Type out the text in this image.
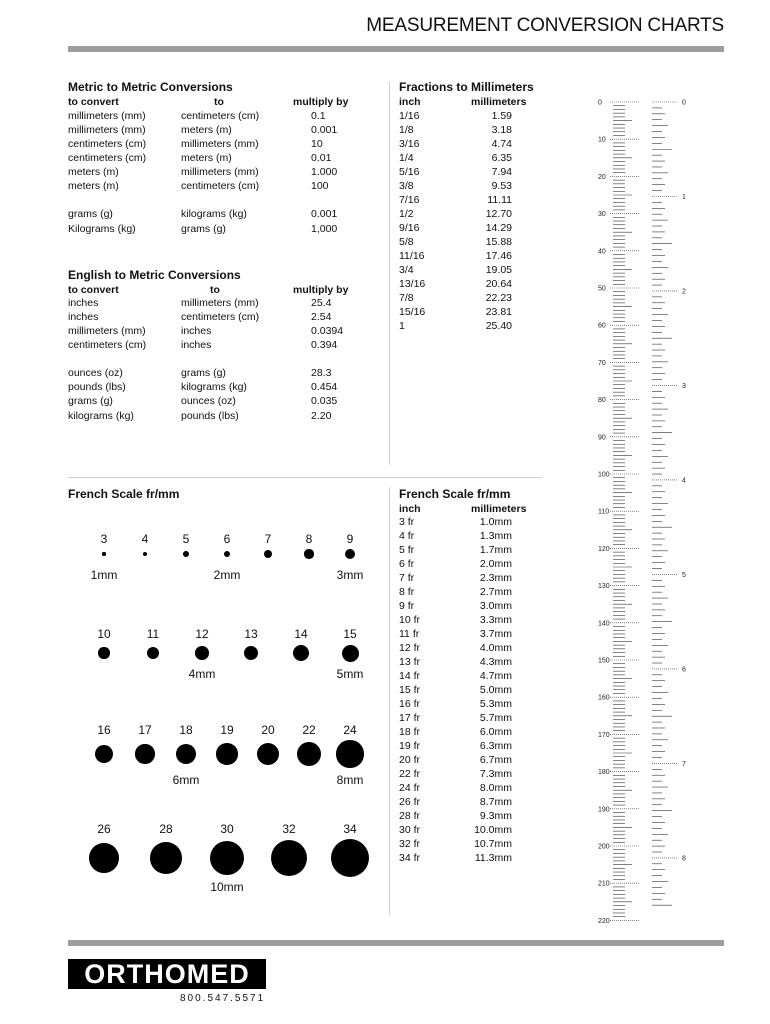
MEASUREMENT CONVERSION CHARTS
Metric to Metric Conversions
to convert	to	multiply by
millimeters (mm)	centimeters (cm)	0.1
millimeters (mm)	meters (m)	0.001
centimeters (cm)	millimeters (mm)	10
centimeters (cm)	meters (m)	0.01
meters (m)	millimeters (mm)	1.000
meters (m)	centimeters (cm)	100
grams (g)	kilograms (kg)	0.001
Kilograms (kg)	grams (g)	1,000
English to Metric Conversions
to convert	to	multiply by
inches	millimeters (mm)	25.4
inches	centimeters (cm)	2.54
millimeters (mm)	inches	0.0394
centimeters (cm)	inches	0.394
ounces (oz)	grams (g)	28.3
pounds (lbs)	kilograms (kg)	0.454
grams (g)	ounces (oz)	0.035
kilograms (kg)	pounds (lbs)	2.20
Fractions to Millimeters
inch	millimeters
1/16	1.59
1/8	3.18
3/16	4.74
1/4	6.35
5/16	7.94
3/8	9.53
7/16	11.11
1/2	12.70
9/16	14.29
5/8	15.88
11/16	17.46
3/4	19.05
13/16	20.64
7/8	22.23
15/16	23.81
1	25.40
French Scale fr/mm
inch	millimeters
3 fr	1.0mm
4 fr	1.3mm
5 fr	1.7mm
6 fr	2.0mm
7 fr	2.3mm
8 fr	2.7mm
9 fr	3.0mm
10 fr	3.3mm
11 fr	3.7mm
12 fr	4.0mm
13 fr	4.3mm
14 fr	4.7mm
15 fr	5.0mm
16 fr	5.3mm
17 fr	5.7mm
18 fr	6.0mm
19 fr	6.3mm
20 fr	6.7mm
22 fr	7.3mm
24 fr	8.0mm
26 fr	8.7mm
28 fr	9.3mm
30 fr	10.0mm
32 fr	10.7mm
34 fr	11.3mm
French Scale fr/mm
3	4	5	6	7	8	9
1mm	2mm	3mm
10	11	12	13	14	15
4mm	5mm
16	17	18	19	20	22	24
6mm	8mm
26	28	30	32	34
10mm
0
10
20
30
40
50
60
70
80
90
100
110
120
130
140
150
160
170
180
190
200
210
220
0
1
2
3
4
5
6
7
8
ORTHOMED
800.547.5571
